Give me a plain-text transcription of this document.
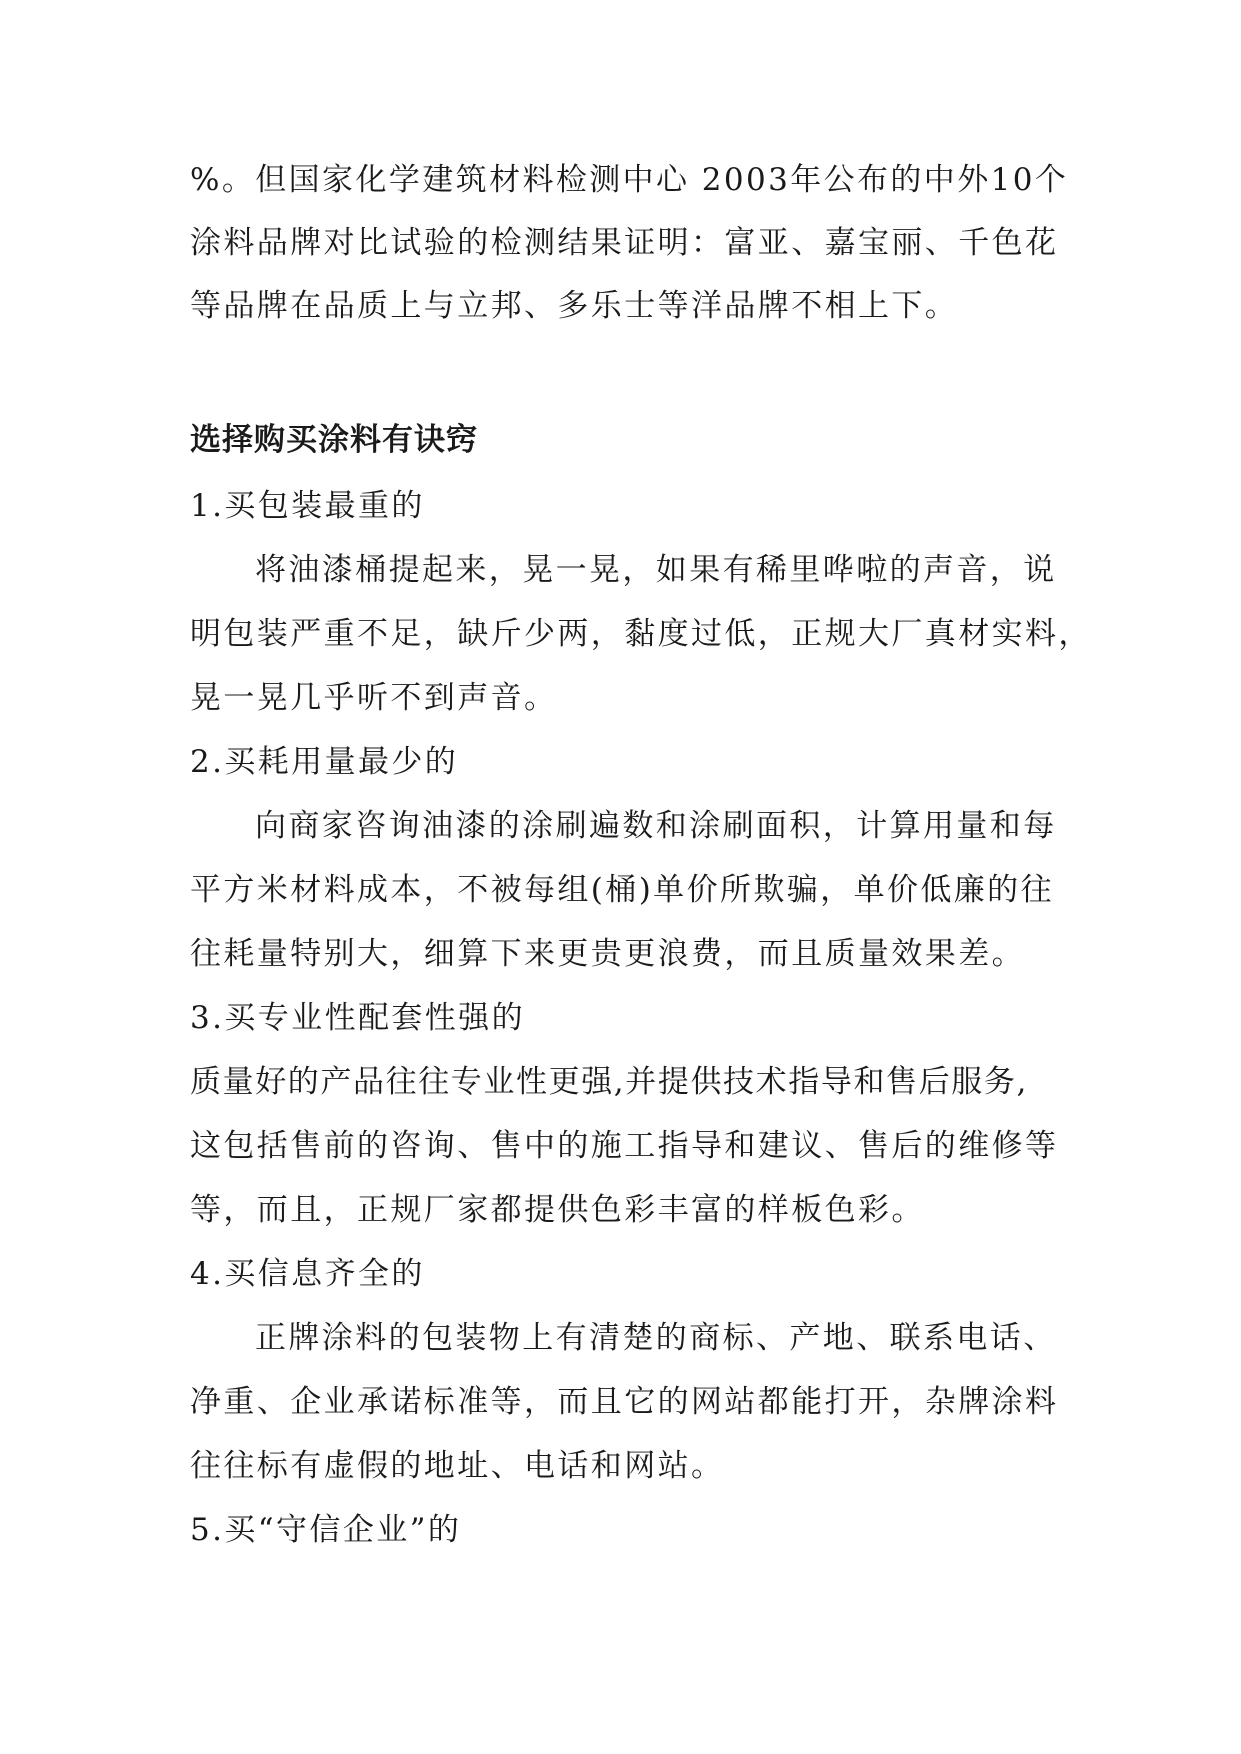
%。但国家化学建筑材料检测中心 2003年公布的中外10个
涂料品牌对比试验的检测结果证明：富亚、嘉宝丽、千色花
等品牌在品质上与立邦、多乐士等洋品牌不相上下。
选择购买涂料有诀窍
1.买包装最重的
将油漆桶提起来，晃一晃，如果有稀里哗啦的声音，说
明包装严重不足，缺斤少两，黏度过低，正规大厂真材实料，
晃一晃几乎听不到声音。
2.买耗用量最少的
向商家咨询油漆的涂刷遍数和涂刷面积，计算用量和每
平方米材料成本，不被每组(桶)单价所欺骗，单价低廉的往
往耗量特别大，细算下来更贵更浪费，而且质量效果差。
3.买专业性配套性强的
质量好的产品往往专业性更强,并提供技术指导和售后服务,
这包括售前的咨询、售中的施工指导和建议、售后的维修等
等，而且，正规厂家都提供色彩丰富的样板色彩。
4.买信息齐全的
正牌涂料的包装物上有清楚的商标、产地、联系电话、
净重、企业承诺标准等，而且它的网站都能打开，杂牌涂料
往往标有虚假的地址、电话和网站。
5.买“守信企业”的
